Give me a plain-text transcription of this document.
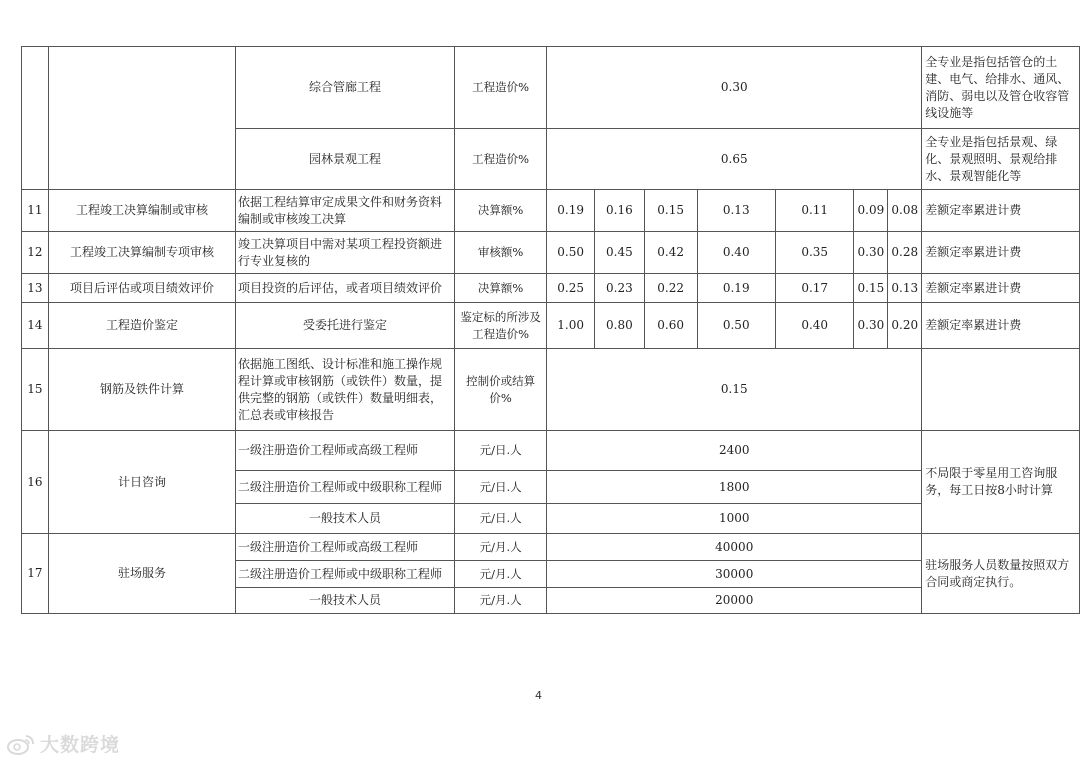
		综合管廊工程	工程造价%	0.30							全专业是指包括管仓的土建、电气、给排水、通风、消防、弱电以及管仓收容管线设施等
		园林景观工程	工程造价%	0.65							全专业是指包括景观、绿化、景观照明、景观给排水、景观智能化等
11	工程竣工决算编制或审核	依据工程结算审定成果文件和财务资料编制或审核竣工决算	决算额%	0.19	0.16	0.15	0.13	0.11	0.09	0.08	差额定率累进计费
12	工程竣工决算编制专项审核	竣工决算项目中需对某项工程投资额进行专业复核的	审核额%	0.50	0.45	0.42	0.40	0.35	0.30	0.28	差额定率累进计费
13	项目后评估或项目绩效评价	项目投资的后评估，或者项目绩效评价	决算额%	0.25	0.23	0.22	0.19	0.17	0.15	0.13	差额定率累进计费
14	工程造价鉴定	受委托进行鉴定	鉴定标的所涉及工程造价%	1.00	0.80	0.60	0.50	0.40	0.30	0.20	差额定率累进计费
15	钢筋及铁件计算	依据施工图纸、设计标准和施工操作规程计算或审核钢筋（或铁件）数量，提供完整的钢筋（或铁件）数量明细表，汇总表或审核报告	控制价或结算价%	0.15							
16	计日咨询	一级注册造价工程师或高级工程师	元/日.人	2400							不局限于零星用工咨询服务，每工日按8小时计算
		二级注册造价工程师或中级职称工程师	元/日.人	1800							
		一般技术人员	元/日.人	1000							
17	驻场服务	一级注册造价工程师或高级工程师	元/月.人	40000							驻场服务人员数量按照双方合同或商定执行。
		二级注册造价工程师或中级职称工程师	元/月.人	30000							
		一般技术人员	元/月.人	20000							
4
大数跨境
